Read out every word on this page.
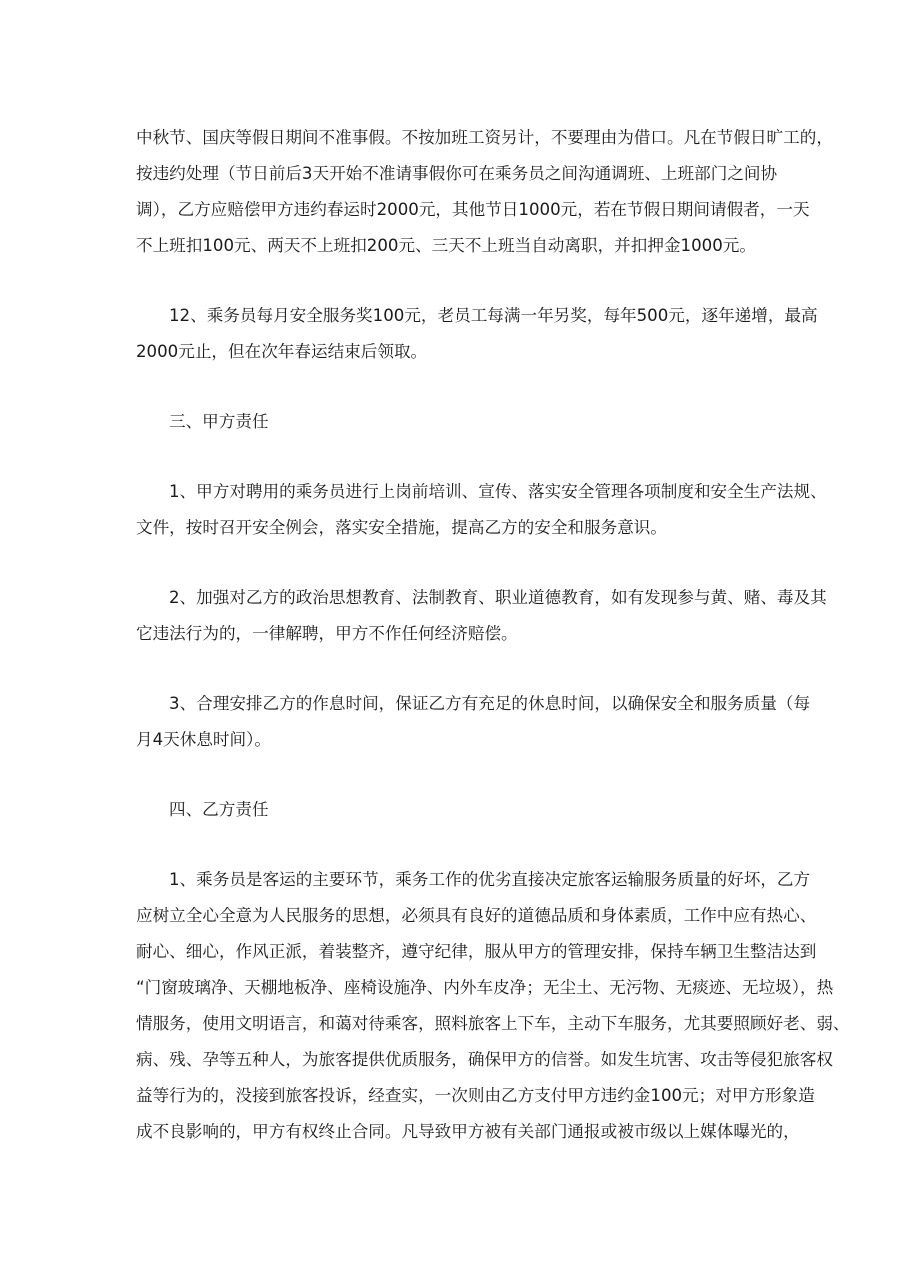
中秋节、国庆等假日期间不准事假。不按加班工资另计，不要理由为借口。凡在节假日旷工的，
按违约处理（节日前后3天开始不准请事假你可在乘务员之间沟通调班、上班部门之间协
调），乙方应赔偿甲方违约春运时2000元，其他节日1000元，若在节假日期间请假者，一天
不上班扣100元、两天不上班扣200元、三天不上班当自动离职，并扣押金1000元。
12、乘务员每月安全服务奖100元，老员工每满一年另奖，每年500元，逐年递增，最高
2000元止，但在次年春运结束后领取。
三、甲方责任
1、甲方对聘用的乘务员进行上岗前培训、宣传、落实安全管理各项制度和安全生产法规、
文件，按时召开安全例会，落实安全措施，提高乙方的安全和服务意识。
2、加强对乙方的政治思想教育、法制教育、职业道德教育，如有发现参与黄、赌、毒及其
它违法行为的，一律解聘，甲方不作任何经济赔偿。
3、合理安排乙方的作息时间，保证乙方有充足的休息时间，以确保安全和服务质量（每
月4天休息时间）。
四、乙方责任
1、乘务员是客运的主要环节，乘务工作的优劣直接决定旅客运输服务质量的好坏，乙方
应树立全心全意为人民服务的思想，必须具有良好的道德品质和身体素质，工作中应有热心、
耐心、细心，作风正派，着装整齐，遵守纪律，服从甲方的管理安排，保持车辆卫生整洁达到
“门窗玻璃净、天棚地板净、座椅设施净、内外车皮净；无尘土、无污物、无痰迹、无垃圾），热
情服务，使用文明语言，和蔼对待乘客，照料旅客上下车，主动下车服务，尤其要照顾好老、弱、
病、残、孕等五种人，为旅客提供优质服务，确保甲方的信誉。如发生坑害、攻击等侵犯旅客权
益等行为的，没接到旅客投诉，经查实，一次则由乙方支付甲方违约金100元；对甲方形象造
成不良影响的，甲方有权终止合同。凡导致甲方被有关部门通报或被市级以上媒体曝光的，
